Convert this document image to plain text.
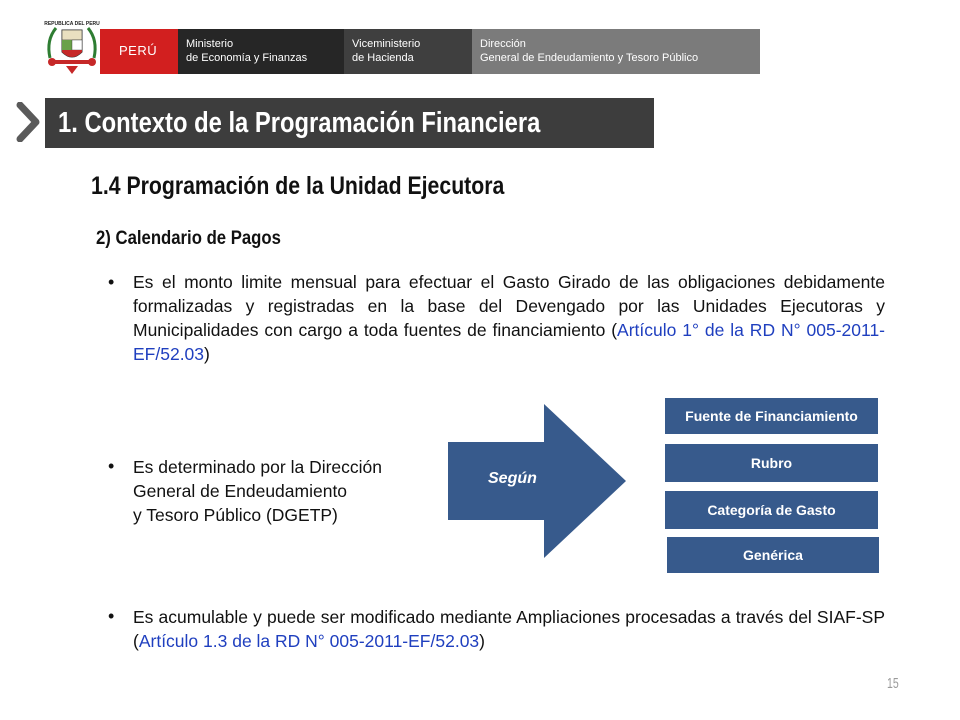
REPUBLICA DEL PERU
PERÚ	Ministerio
de Economía y Finanzas
Viceministerio
de Hacienda
Dirección
General de Endeudamiento y Tesoro Público
1. Contexto de la Programación Financiera
1.4 Programación de la Unidad Ejecutora
2) Calendario de Pagos
• Es el monto limite mensual para efectuar el Gasto Girado de las obligaciones debidamente formalizadas y registradas en la base del Devengado por las Unidades Ejecutoras y Municipalidades con cargo a toda fuentes de financiamiento (Artículo 1° de la RD N° 005-2011-EF/52.03)
• Es determinado por la Dirección
General de Endeudamiento
y Tesoro Público (DGETP)
• Es acumulable y puede ser modificado mediante Ampliaciones procesadas a través del SIAF-SP (Artículo 1.3 de la RD N° 005-2011-EF/52.03)
Según
Fuente de Financiamiento
Rubro
Categoría de Gasto
Genérica
15
